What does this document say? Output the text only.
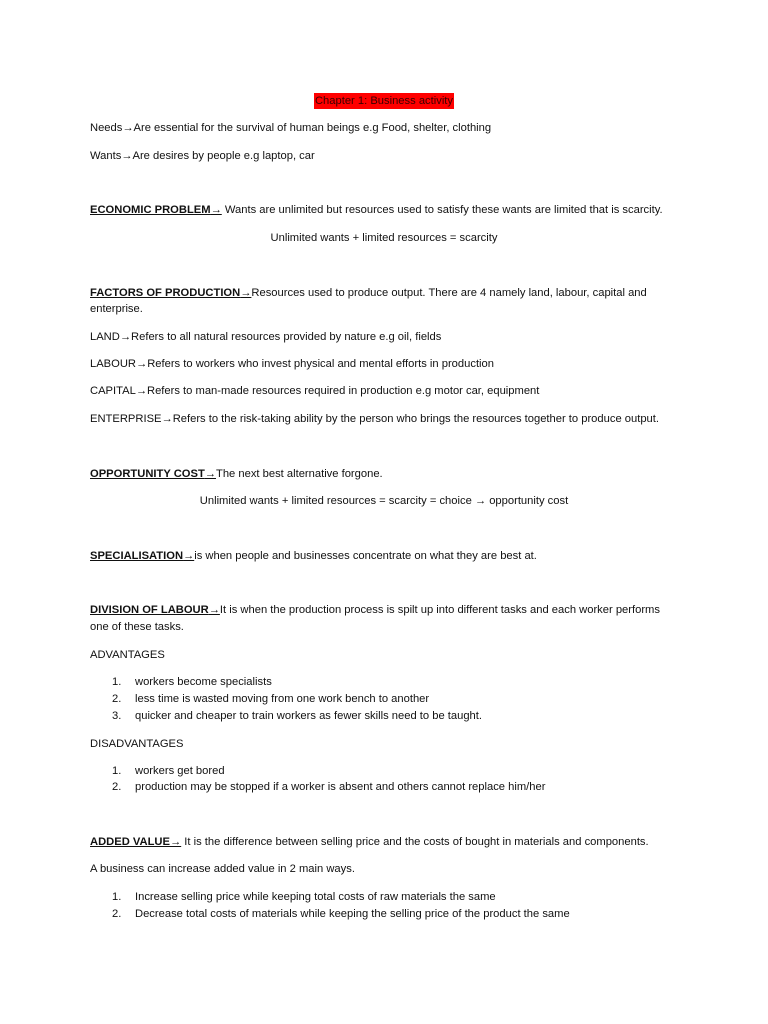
Chapter 1: Business activity

Needs→Are essential for the survival of human beings e.g Food, shelter, clothing

Wants→Are desires by people e.g laptop, car

ECONOMIC PROBLEM→ Wants are unlimited but resources used to satisfy these wants are limited that is scarcity.

Unlimited wants + limited resources = scarcity

FACTORS OF PRODUCTION→Resources used to produce output. There are 4 namely land, labour, capital and

enterprise.

LAND→Refers to all natural resources provided by nature e.g oil, fields

LABOUR→Refers to workers who invest physical and mental efforts in production

CAPITAL→Refers to man-made resources required in production e.g motor car, equipment

ENTERPRISE→Refers to the risk-taking ability by the person who brings the resources together to produce output.

OPPORTUNITY COST→The next best alternative forgone.

Unlimited wants + limited resources = scarcity = choice → opportunity cost

SPECIALISATION→is when people and businesses concentrate on what they are best at.

DIVISION OF LABOUR→It is when the production process is spilt up into different tasks and each worker performs

one of these tasks.

ADVANTAGES

1. workers become specialists

2. less time is wasted moving from one work bench to another

3. quicker and cheaper to train workers as fewer skills need to be taught.

DISADVANTAGES

1. workers get bored

2. production may be stopped if a worker is absent and others cannot replace him/her

ADDED VALUE→ It is the difference between selling price and the costs of bought in materials and components.

A business can increase added value in 2 main ways.

1. Increase selling price while keeping total costs of raw materials the same

2. Decrease total costs of materials while keeping the selling price of the product the same
